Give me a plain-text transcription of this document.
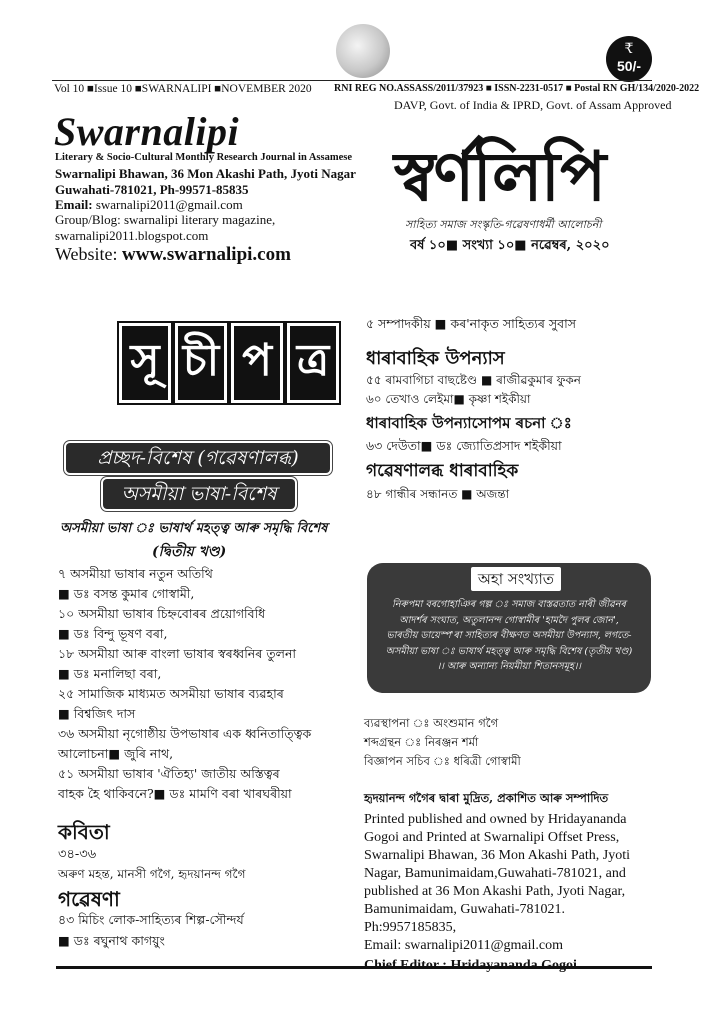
₹
50/-
Vol 10 ■Issue 10 ■SWARNALIPI ■NOVEMBER 2020 RNI REG NO.ASSASS/2011/37923 ■ ISSN-2231-0517 ■ Postal RN GH/134/2020-2022
DAVP, Govt. of India & IPRD, Govt. of Assam Approved
Swarnalipi
Literary & Socio-Cultural Monthly Research Journal in Assamese
Swarnalipi Bhawan, 36 Mon Akashi Path, Jyoti Nagar
Guwahati-781021, Ph-99571-85835
Email: swarnalipi2011@gmail.com
Group/Blog: swarnalipi literary magazine,
swarnalipi2011.blogspot.com
Website: www.swarnalipi.com
স্বৰ্ণলিপি
সাহিত্য সমাজ সংস্কৃতি-গৱেষণাধৰ্মী আলোচনী
বৰ্ষ ১০■ সংখ্যা ১০■ নৱেম্বৰ, ২০২০
সূ চী প ত্ৰ
প্ৰচ্ছদ-বিশেষ (গৱেষণালব্ধ)
অসমীয়া ভাষা-বিশেষ
অসমীয়া ভাষা ঃ ভাষাৰ্থ মহত্ত্ব আৰু সমৃদ্ধি বিশেষ
(দ্বিতীয় খণ্ড)
৭ অসমীয়া ভাষাৰ নতুন অতিথি
■ ডঃ বসন্ত কুমাৰ গোস্বামী,
১০ অসমীয়া ভাষাৰ চিহ্নবোৰৰ প্ৰয়োগবিধি
■ ডঃ বিন্দু ভূষণ বৰা,
১৮ অসমীয়া আৰু বাংলা ভাষাৰ স্বৰধ্বনিৰ তুলনা
■ ডঃ মনালিছা বৰা,
২৫ সামাজিক মাধ্যমত অসমীয়া ভাষাৰ ব্যৱহাৰ
■ বিশ্বজিৎ দাস
৩৬ অসমীয়া নৃগোষ্ঠীয় উপভাষাৰ এক ধ্বনিতাত্ত্বিক
আলোচনা■ জুৰি নাথ,
৫১ অসমীয়া ভাষাৰ 'ঐতিহ্য' জাতীয় অস্তিত্বৰ
বাহক হৈ থাকিবনে?■ ডঃ মামণি বৰা খাৰঘৰীয়া
কবিতা
৩৪-৩৬
অৰুণ মহন্ত, মানসী গগৈ, হৃদয়ানন্দ গগৈ
গৱেষণা
৪৩ মিচিং লোক-সাহিত্যৰ শিল্প-সৌন্দৰ্য
■ ডঃ ৰঘুনাথ কাগয়ুং
৫ সম্পাদকীয় ■ কৰ'নাকৃত সাহিত্যৰ সুবাস
ধাৰাবাহিক উপন্যাস
৫৫ ৰামবাগিচা বাছষ্টেণ্ড ■ ৰাজীৱকুমাৰ ফুকন
৬০ তেখাও লেইমা■ কৃষ্ণা শইকীয়া
ধাৰাবাহিক উপন্যাসোপম ৰচনা ঃ
৬৩ দেউতা■ ডঃ জ্যোতিপ্ৰসাদ শইকীয়া
গৱেষণালব্ধ ধাৰাবাহিক
৪৮ গান্ধীৰ সন্ধানত ■ অজন্তা
অহা সংখ্যাত
নিৰুপমা বৰগোহাঞিৰ গল্প ঃ সমাজ বাস্তৱতাত নাৰী জীৱনৰ
আদৰ্শৰ সংঘাত, অতুলানন্দ গোস্বামীৰ 'হামদৈ পুলৰ জোন',
ভাৰতীয় ডায়েস্প'ৰা সাহিত্যৰ বীক্ষণত অসমীয়া উপন্যাস, লগতে-
অসমীয়া ভাষা ঃ ভাষাৰ্থ মহত্ত্ব আৰু সমৃদ্ধি বিশেষ (তৃতীয় খণ্ড)
।। আৰু অন্যান্য নিয়মীয়া শিতানসমূহ।।
ব্যৱস্থাপনা ঃ অংশুমান গগৈ
শব্দগ্ৰন্থন ঃ নিৰঞ্জন শৰ্মা
বিজ্ঞাপন সচিব ঃ ধৰিত্ৰী গোস্বামী
হৃদয়ানন্দ গগৈৰ দ্বাৰা মুদ্ৰিত, প্ৰকাশিত আৰু সম্পাদিত
Printed published and owned by Hridayananda
Gogoi and Printed at Swarnalipi Offset Press,
Swarnalipi Bhawan, 36 Mon Akashi Path, Jyoti
Nagar, Bamunimaidam,Guwahati-781021, and
published at 36 Mon Akashi Path, Jyoti Nagar,
Bamunimaidam, Guwahati-781021.
Ph:9957185835,
Email: swarnalipi2011@gmail.com
Chief Editor : Hridayananda Gogoi
